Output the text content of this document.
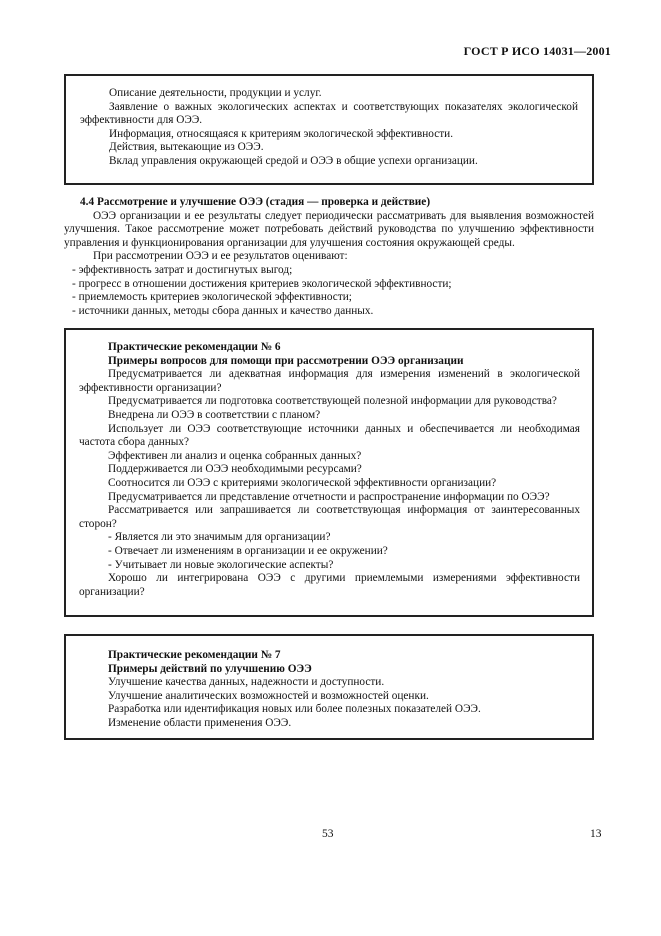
ГОСТ Р ИСО 14031—2001

Описание деятельности, продукции и услуг.

Заявление о важных экологических аспектах и соответствующих показателях экологической эффективности для ОЭЭ.

Информация, относящаяся к критериям экологической эффективности.

Действия, вытекающие из ОЭЭ.

Вклад управления окружающей средой и ОЭЭ в общие успехи организации.

4.4 Рассмотрение и улучшение ОЭЭ (стадия — проверка и действие)

ОЭЭ организации и ее результаты следует периодически рассматривать для выявления возможностей улучшения. Такое рассмотрение может потребовать действий руководства по улучшению эффективности управления и функционирования организации для улучшения состояния окружающей среды.

При рассмотрении ОЭЭ и ее результатов оценивают:

- эффективность затрат и достигнутых выгод;

- прогресс в отношении достижения критериев экологической эффективности;

- приемлемость критериев экологической эффективности;

- источники данных, методы сбора данных и качество данных.

Практические рекомендации № 6

Примеры вопросов для помощи при рассмотрении ОЭЭ организации

Предусматривается ли адекватная информация для измерения изменений в экологической эффективности организации?

Предусматривается ли подготовка соответствующей полезной информации для руководства?

Внедрена ли ОЭЭ в соответствии с планом?

Использует ли ОЭЭ соответствующие источники данных и обеспечивается ли необходимая частота сбора данных?

Эффективен ли анализ и оценка собранных данных?

Поддерживается ли ОЭЭ необходимыми ресурсами?

Соотносится ли ОЭЭ с критериями экологической эффективности организации?

Предусматривается ли представление отчетности и распространение информации по ОЭЭ?

Рассматривается или запрашивается ли соответствующая информация от заинтересованных сторон?

- Является ли это значимым для организации?

- Отвечает ли изменениям в организации и ее окружении?

- Учитывает ли новые экологические аспекты?

Хорошо ли интегрирована ОЭЭ с другими приемлемыми измерениями эффективности организации?

Практические рекомендации № 7

Примеры действий по улучшению ОЭЭ

Улучшение качества данных, надежности и доступности.

Улучшение аналитических возможностей и возможностей оценки.

Разработка или идентификация новых или более полезных показателей ОЭЭ.

Изменение области применения ОЭЭ.

53	13
